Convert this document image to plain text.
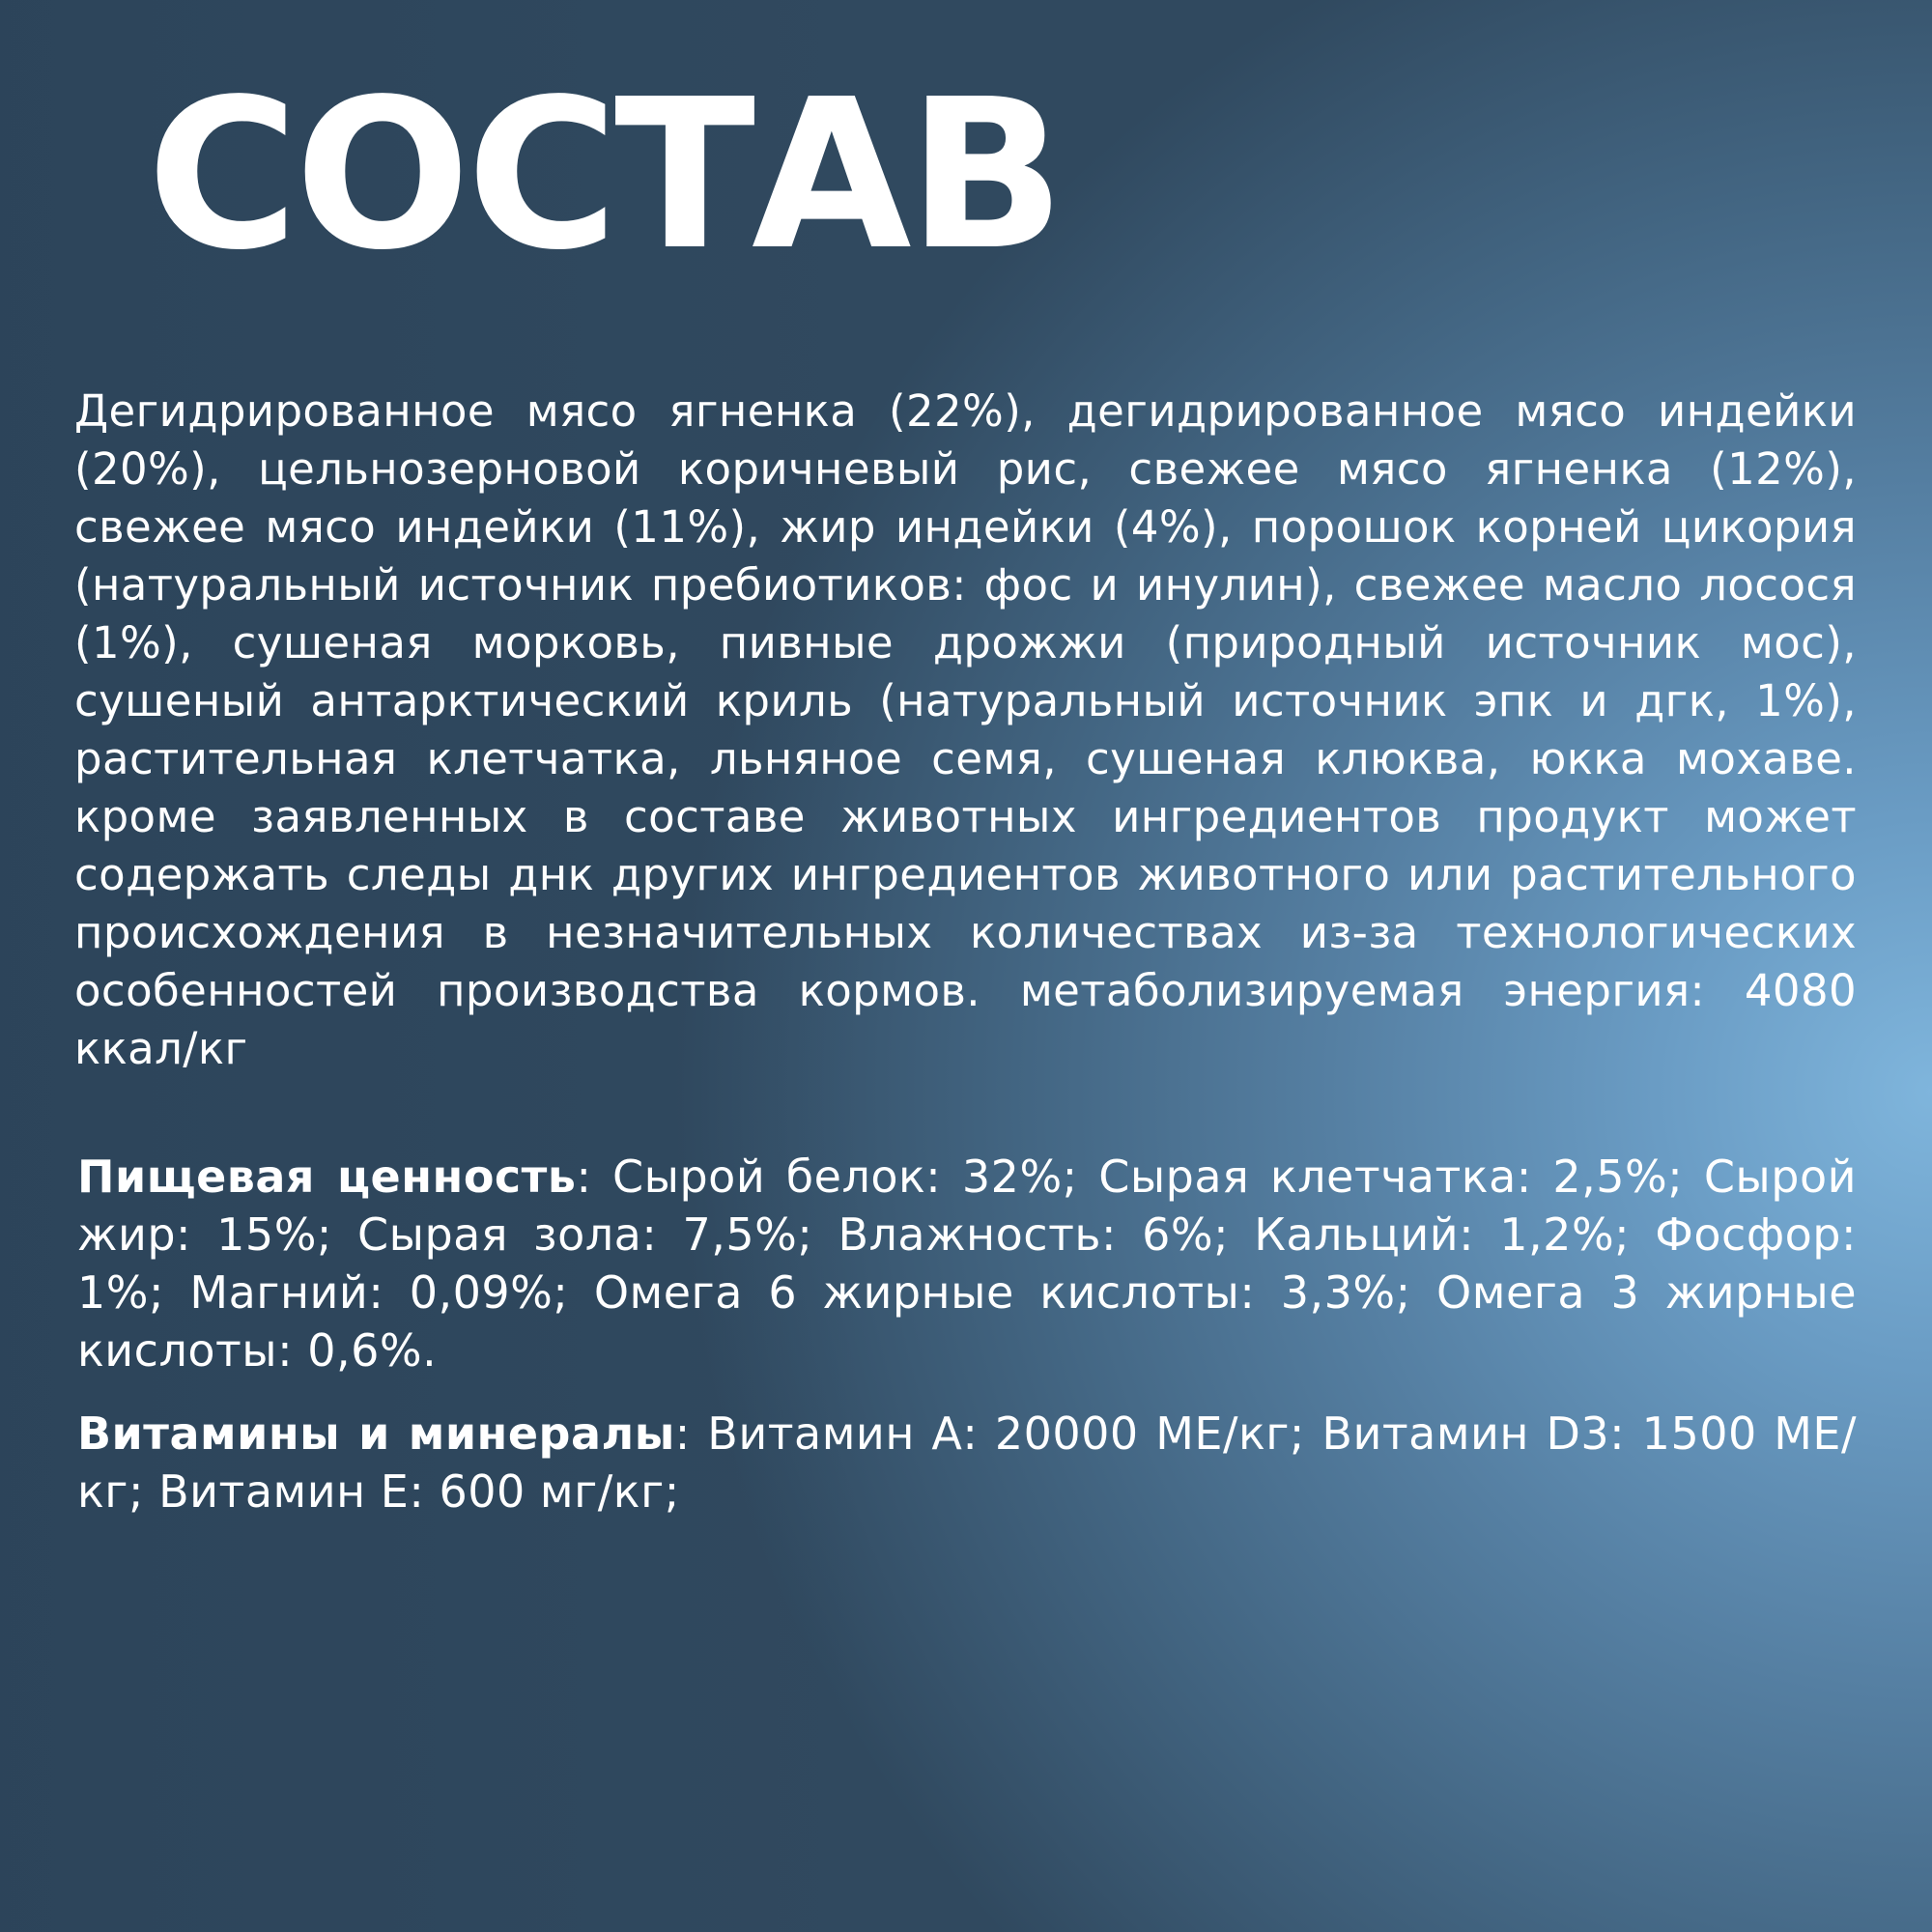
СОСТАВ

Дегидрированное мясо ягненка (22%), дегидрированное мясо индейки (20%), цельнозерновой коричневый рис, свежее мясо ягненка (12%), свежее мясо индейки (11%), жир индейки (4%), порошок корней цикория (натуральный источник пребиотиков: фос и инулин), свежее масло лосося (1%), сушеная морковь, пивные дрожжи (природный источник мос), сушеный антарктический криль (натуральный источник эпк и дгк, 1%), растительная клетчатка, льняное семя, сушеная клюква, юкка мохаве. кроме заявленных в составе животных ингредиентов продукт может содержать следы днк других ингредиентов животного или растительного происхождения в незначительных количествах из-за технологических особенностей производства кормов. метаболизируемая энергия: 4080 ккал/кг

Пищевая ценность: Сырой белок: 32%; Сырая клетчатка: 2,5%; Сырой жир: 15%; Сырая зола: 7,5%; Влажность: 6%; Кальций: 1,2%; Фосфор: 1%; Магний: 0,09%; Омега 6 жирные кислоты: 3,3%; Омега 3 жирные кислоты: 0,6%.

Витамины и минералы: Витамин А: 20000 МЕ/кг; Витамин D3: 1500 МЕ/кг; Витамин Е: 600 мг/кг;
